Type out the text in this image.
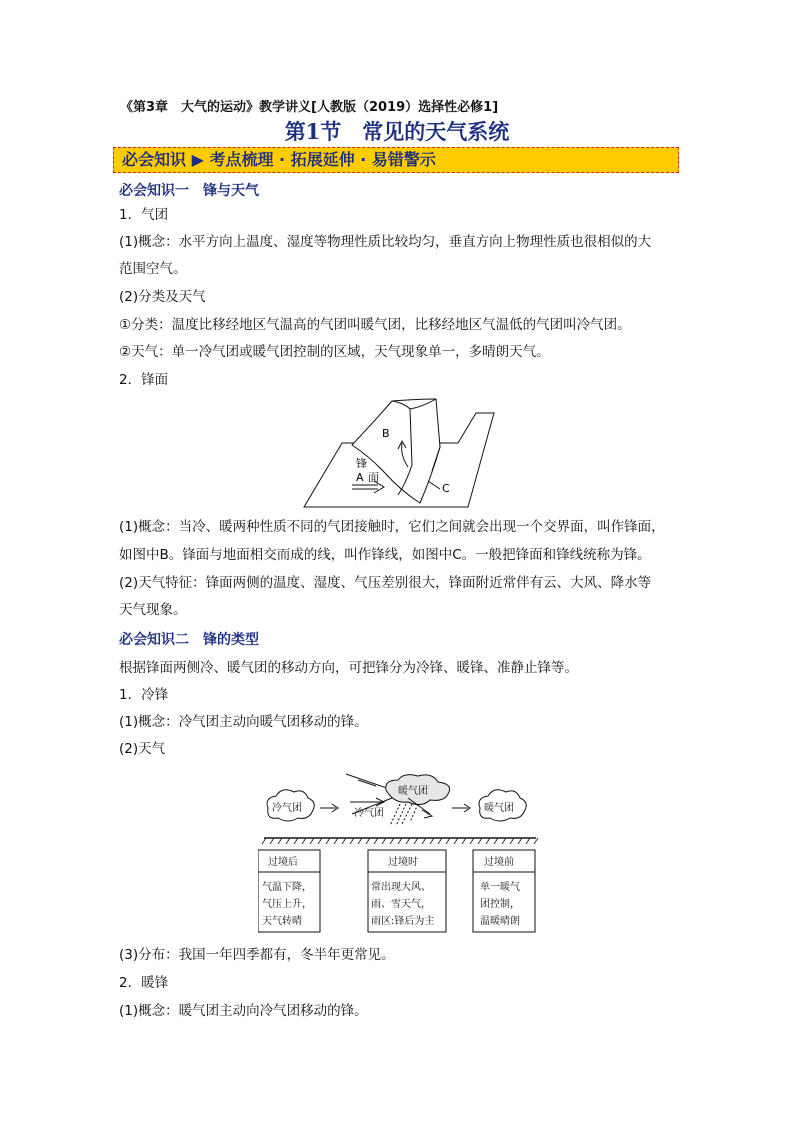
《第3章　大气的运动》教学讲义[人教版（2019）选择性必修1]
第1节　常见的天气系统
必会知识 ▶ 考点梳理 · 拓展延伸 · 易错警示
必会知识一　锋与天气
1．气团
(1)概念：水平方向上温度、湿度等物理性质比较均匀，垂直方向上物理性质也很相似的大
范围空气。
(2)分类及天气
①分类：温度比移经地区气温高的气团叫暖气团，比移经地区气温低的气团叫冷气团。
②天气：单一冷气团或暖气团控制的区域，天气现象单一，多晴朗天气。
2．锋面
B
锋
面
A
C
(1)概念：当冷、暖两种性质不同的气团接触时，它们之间就会出现一个交界面，叫作锋面，
如图中B。锋面与地面相交而成的线，叫作锋线，如图中C。一般把锋面和锋线统称为锋。
(2)天气特征：锋面两侧的温度、湿度、气压差别很大，锋面附近常伴有云、大风、降水等
天气现象。
必会知识二　锋的类型
根据锋面两侧冷、暖气团的移动方向，可把锋分为冷锋、暖锋、准静止锋等。
1．冷锋
(1)概念：冷气团主动向暖气团移动的锋。
(2)天气
冷气团
暖气团
冷气团	暖气团
过境后
气温下降，
气压上升，
天气转晴
过境时
常出现大风、
雨、雪天气，
雨区:锋后为主
过境前
单一暖气
团控制，
温暖晴朗
(3)分布：我国一年四季都有，冬半年更常见。
2．暖锋
(1)概念：暖气团主动向冷气团移动的锋。
